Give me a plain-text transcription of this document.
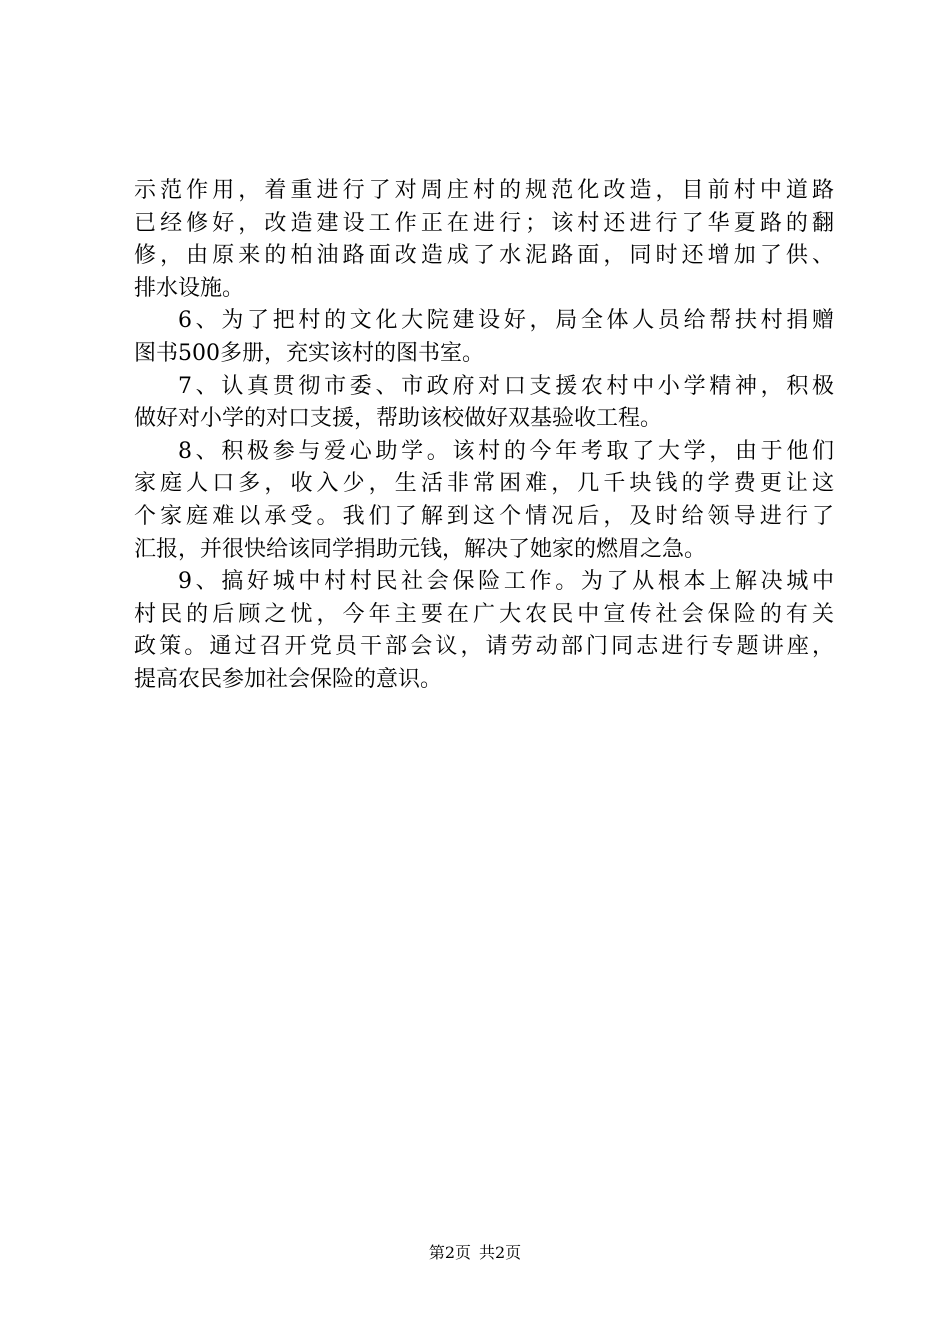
示范作用，着重进行了对周庄村的规范化改造，目前村中道路
已经修好，改造建设工作正在进行；该村还进行了华夏路的翻
修，由原来的柏油路面改造成了水泥路面，同时还增加了供、
排水设施。
6、为了把村的文化大院建设好，局全体人员给帮扶村捐赠
图书500多册，充实该村的图书室。
7、认真贯彻市委、市政府对口支援农村中小学精神，积极
做好对小学的对口支援，帮助该校做好双基验收工程。
8、积极参与爱心助学。该村的今年考取了大学，由于他们
家庭人口多，收入少，生活非常困难，几千块钱的学费更让这
个家庭难以承受。我们了解到这个情况后，及时给领导进行了
汇报，并很快给该同学捐助元钱，解决了她家的燃眉之急。
9、搞好城中村村民社会保险工作。为了从根本上解决城中
村民的后顾之忧，今年主要在广大农民中宣传社会保险的有关
政策。通过召开党员干部会议，请劳动部门同志进行专题讲座，
提高农民参加社会保险的意识。
第2页 共2页
